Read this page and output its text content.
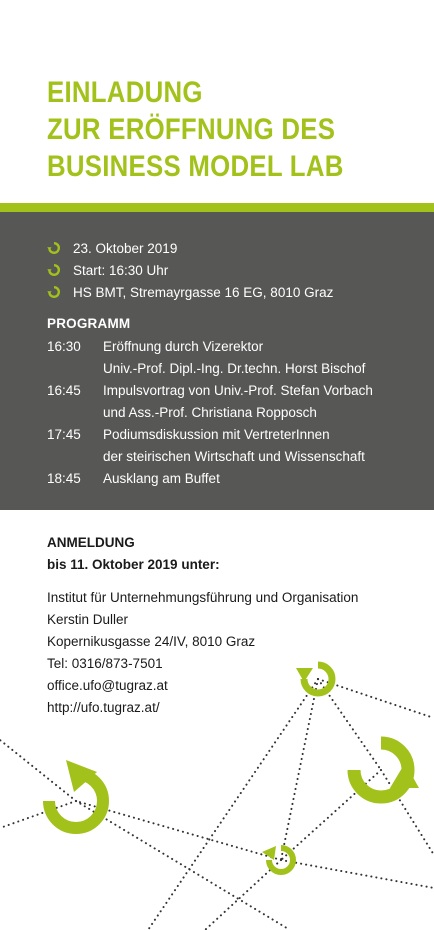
EINLADUNG
ZUR ERÖFFNUNG DES
BUSINESS MODEL LAB
23. Oktober 2019
Start: 16:30 Uhr
HS BMT, Stremayrgasse 16 EG, 8010 Graz
PROGRAMM
16:30	Eröffnung durch Vizerektor
Univ.-Prof. Dipl.-Ing. Dr.techn. Horst Bischof
16:45	Impulsvortrag von Univ.-Prof. Stefan Vorbach
und Ass.-Prof. Christiana Ropposch
17:45	Podiumsdiskussion mit VertreterInnen
der steirischen Wirtschaft und Wissenschaft
18:45	Ausklang am Buffet
ANMELDUNG
bis 11. Oktober 2019 unter:
Institut für Unternehmungsführung und Organisation
Kerstin Duller
Kopernikusgasse 24/IV, 8010 Graz
Tel: 0316/873-7501
office.ufo@tugraz.at
http://ufo.tugraz.at/
